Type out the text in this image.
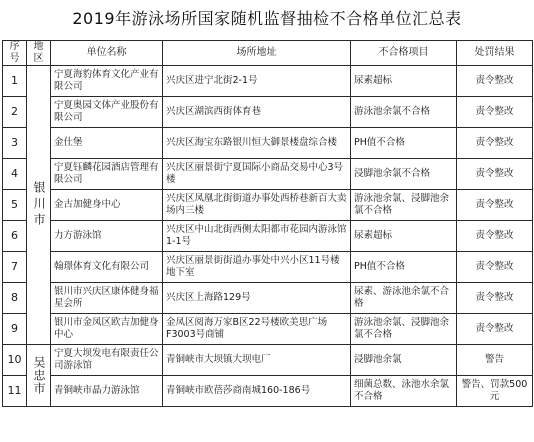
2019年游泳场所国家随机监督抽检不合格单位汇总表
序号	地区	单位名称	场所地址	不合格项目	处罚结果
1	银川市	宁夏海豹体育文化产业有限公司	兴庆区进宁北街2-1号	尿素超标	责令整改
2		宁夏奥园文体产业股份有限公司	兴庆区湖滨西街体育巷	游泳池余氯不合格	责令整改
3		金仕堡	兴庆区海宝东路银川恒大御景楼盘综合楼	PH值不合格	责令整改
4		宁夏钰麟花园酒店管理有限公司	兴庆区丽景街宁夏国际小商品交易中心3号楼	浸脚池余氯不合格	责令整改
5		金古加健身中心	兴庆区凤凰北街街道办事处西桥巷新百大卖场内三楼	游泳池余氯、浸脚池余氯不合格	责令整改
6		力方游泳馆	兴庆区中山北街西侧太阳都市花园内游泳馆1-1号	尿素超标	责令整改
7		翰璟体育文化有限公司	兴庆区丽景街街道办事处中兴小区11号楼地下室	PH值不合格	责令整改
8		银川市兴庆区康体健身福星会所	兴庆区上海路129号	尿素、游泳池余氯不合格	责令整改
9		银川市金凤区欧吉加健身中心	金凤区阅海万家B区22号楼欧美思广场F3003号商铺	游泳池余氯、浸脚池余氯不合格	责令整改
10	吴忠市	宁夏大坝发电有限责任公司游泳馆	青铜峡市大坝镇大坝电厂	浸脚池余氯	警告
11		青铜峡市晶力游泳馆	青铜峡市欧蓓莎商南城160-186号	细菌总数、泳池水余氯不合格	警告、罚款500元
